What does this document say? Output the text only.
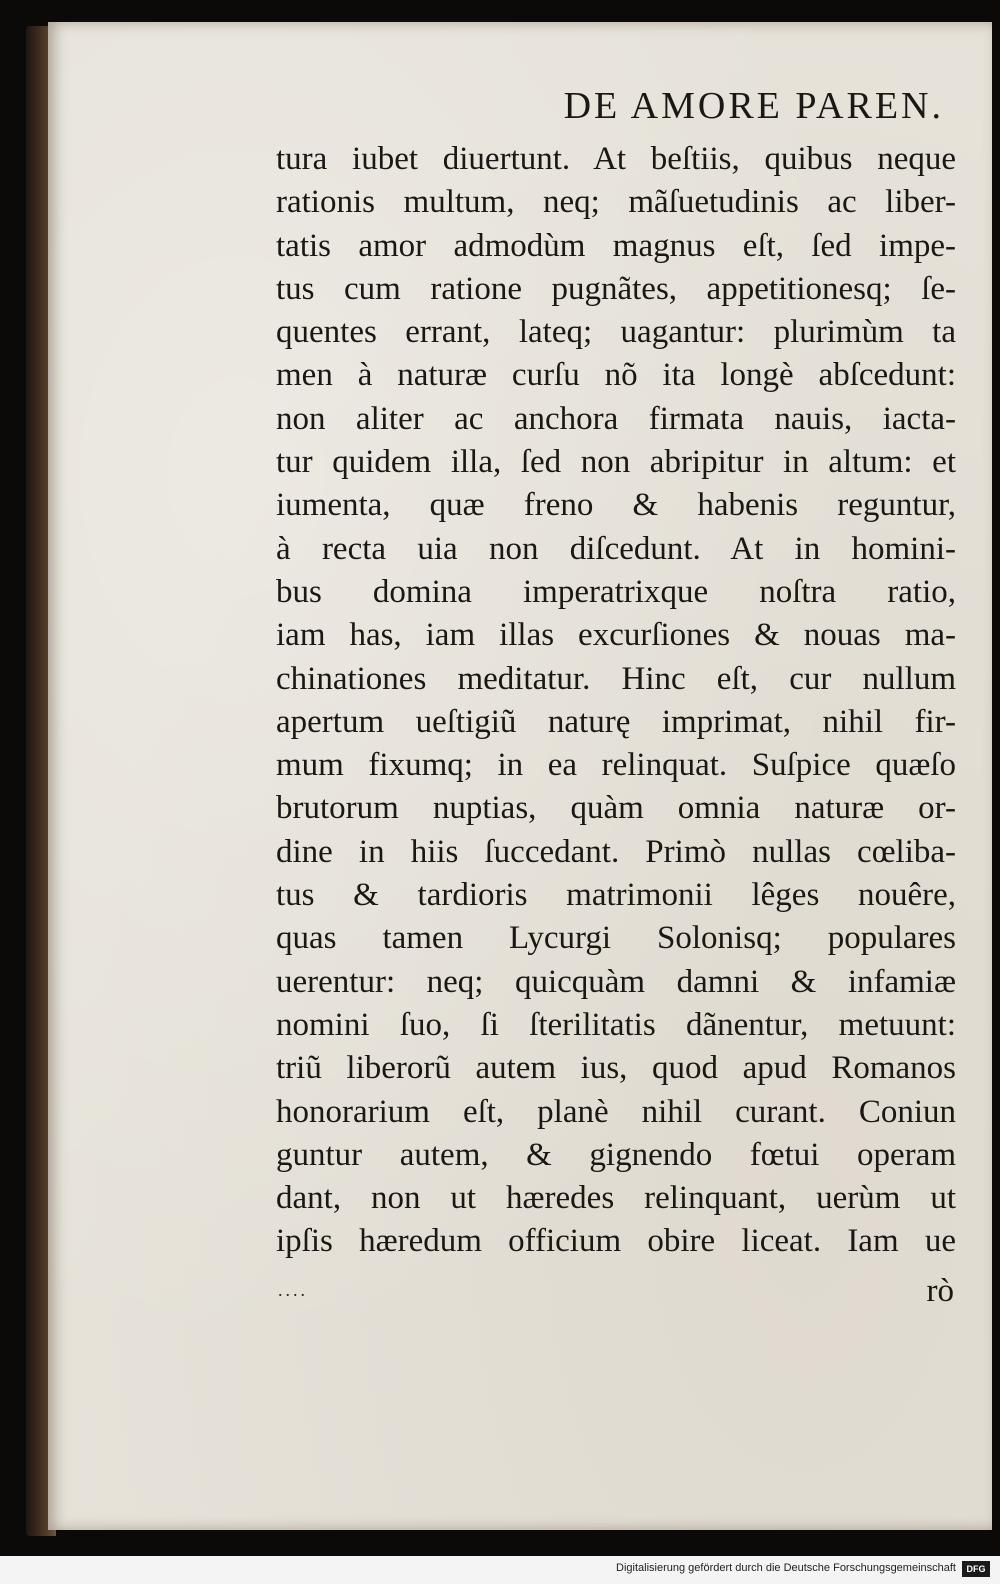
DE AMORE PAREN.
tura iubet diuertunt. At beſtiis, quibus neque
rationis multum, neq; mãſuetudinis ac liber-
tatis amor admodùm magnus eſt, ſed impe-
tus cum ratione pugnãtes, appetitionesq; ſe-
quentes errant, lateq; uagantur: plurimùm ta
men à naturæ curſu nõ ita longè abſcedunt:
non aliter ac anchora firmata nauis, iacta-
tur quidem illa, ſed non abripitur in altum: et
iumenta, quæ freno & habenis reguntur,
à recta uia non diſcedunt. At in homini-
bus domina imperatrixque noſtra ratio,
iam has, iam illas excurſiones & nouas ma-
chinationes meditatur. Hinc eſt, cur nullum
apertum ueſtigiũ naturę imprimat, nihil fir-
mum fixumq; in ea relinquat. Suſpice quæſo
brutorum nuptias, quàm omnia naturæ or-
dine in hiis ſuccedant. Primò nullas cœliba-
tus & tardioris matrimonii lêges nouêre,
quas tamen Lycurgi Solonisq; populares
uerentur: neq; quicquàm damni & infamiæ
nomini ſuo, ſi ſterilitatis dãnentur, metuunt:
triũ liberorũ autem ius, quod apud Romanos
honorarium eſt, planè nihil curant. Coniun
guntur autem, & gignendo fœtui operam
dant, non ut hæredes relinquant, uerùm ut
ipſis hæredum officium obire liceat. Iam ue
....	rò
Digitalisierung gefördert durch die Deutsche Forschungsgemeinschaft	DFG
